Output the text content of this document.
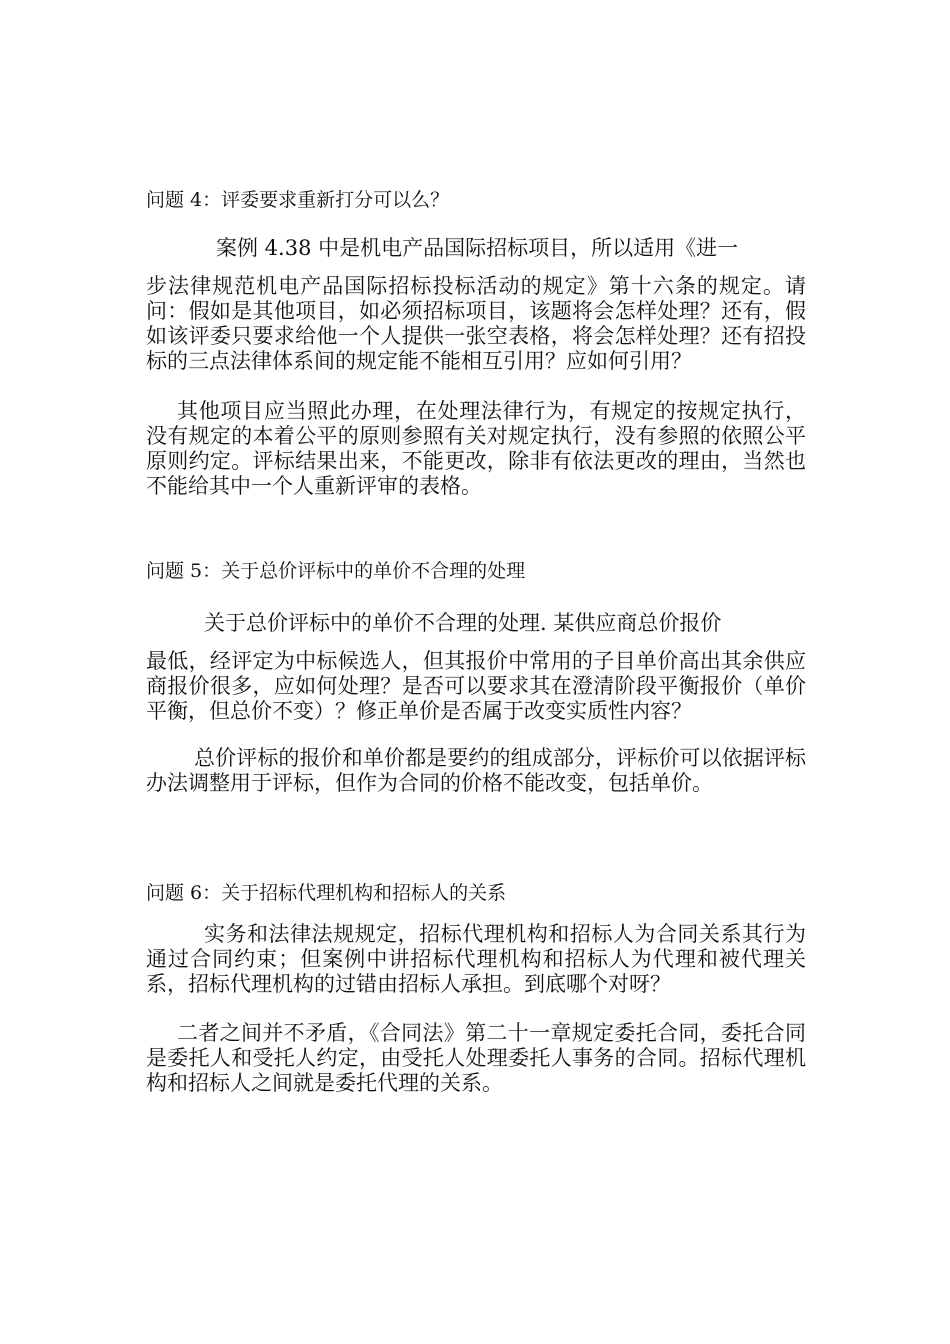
问题 4：评委要求重新打分可以么？

案例 4.38 中是机电产品国际招标项目，所以适用《进一

步法律规范机电产品国际招标投标活动的规定》第十六条的规定。请问：假如是其他项目，如必须招标项目，该题将会怎样处理？还有，假如该评委只要求给他一个人提供一张空表格，将会怎样处理？还有招投标的三点法律体系间的规定能不能相互引用？应如何引用？

其他项目应当照此办理，在处理法律行为，有规定的按规定执行，没有规定的本着公平的原则参照有关对规定执行，没有参照的依照公平原则约定。评标结果出来，不能更改，除非有依法更改的理由，当然也不能给其中一个人重新评审的表格。

问题 5：关于总价评标中的单价不合理的处理

关于总价评标中的单价不合理的处理. 某供应商总价报价

最低，经评定为中标候选人，但其报价中常用的子目单价高出其余供应商报价很多，应如何处理？是否可以要求其在澄清阶段平衡报价（单价平衡，但总价不变）？修正单价是否属于改变实质性内容？

总价评标的报价和单价都是要约的组成部分，评标价可以依据评标办法调整用于评标，但作为合同的价格不能改变，包括单价。

问题 6：关于招标代理机构和招标人的关系

实务和法律法规规定，招标代理机构和招标人为合同关系其行为通过合同约束；但案例中讲招标代理机构和招标人为代理和被代理关系，招标代理机构的过错由招标人承担。到底哪个对呀？

二者之间并不矛盾，《合同法》第二十一章规定委托合同，委托合同是委托人和受托人约定，由受托人处理委托人事务的合同。招标代理机构和招标人之间就是委托代理的关系。
